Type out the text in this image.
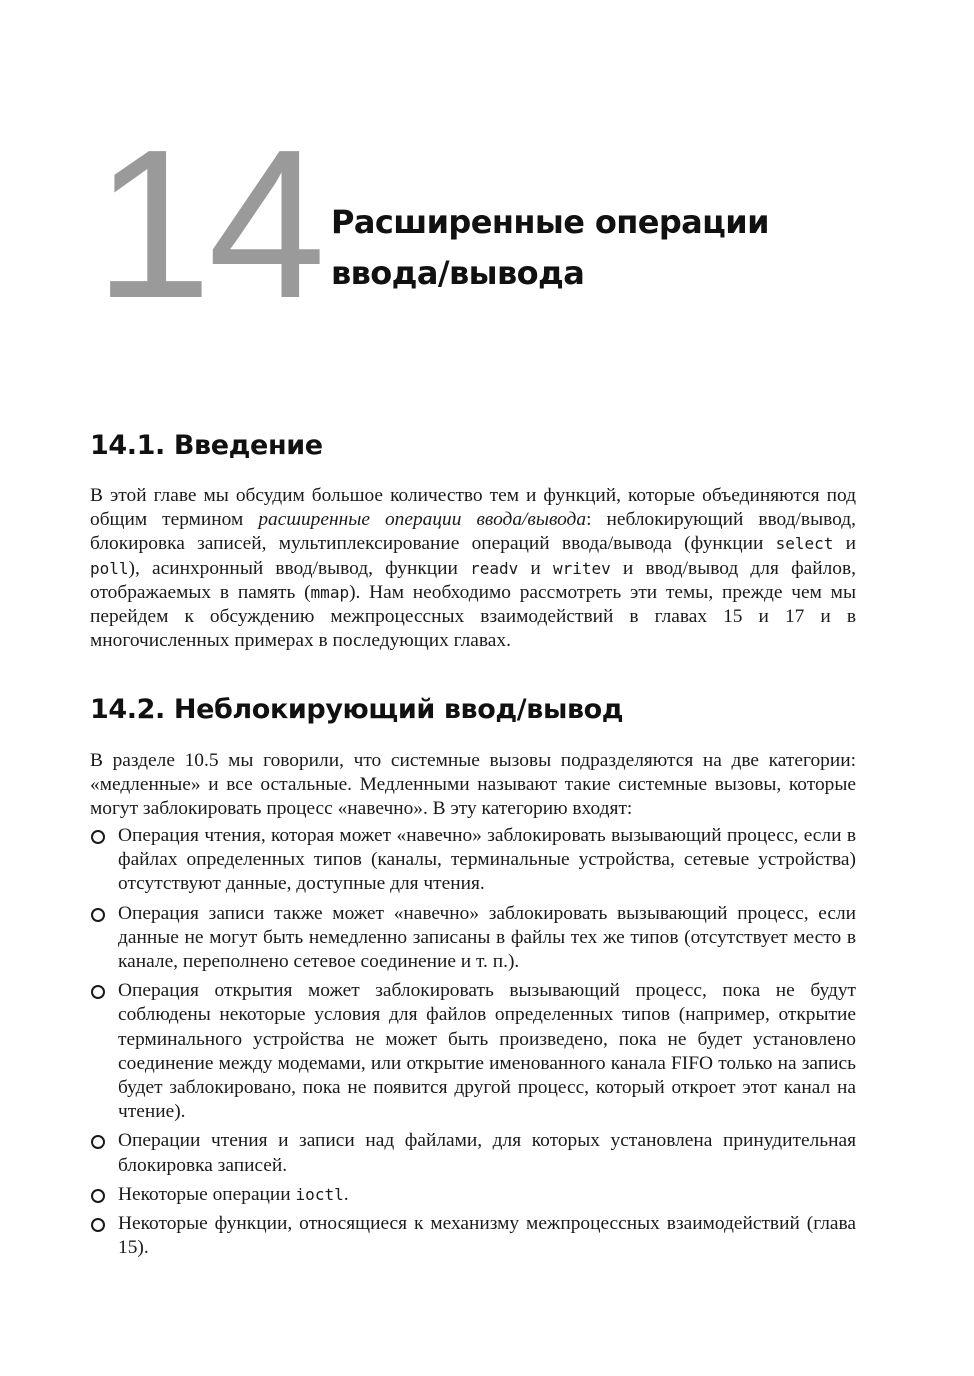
14 Расширенные операции ввода/вывода
14.1. Введение

В этой главе мы обсудим большое количество тем и функций, которые объединяются под общим термином расширенные операции ввода/вывода: неблокирующий ввод/вывод, блокировка записей, мультиплексирование операций ввода/вывода (функции select и poll), асинхронный ввод/вывод, функции readv и writev и ввод/вывод для файлов, отображаемых в память (mmap). Нам необходимо рассмотреть эти темы, прежде чем мы перейдем к обсуждению межпроцессных взаимодействий в главах 15 и 17 и в многочисленных примерах в последующих главах.

14.2. Неблокирующий ввод/вывод

В разделе 10.5 мы говорили, что системные вызовы подразделяются на две категории: «медленные» и все остальные. Медленными называют такие системные вызовы, которые могут заблокировать процесс «навечно». В эту категорию входят:

Операция чтения, которая может «навечно» заблокировать вызывающий процесс, если в файлах определенных типов (каналы, терминальные устройства, сетевые устройства) отсутствуют данные, доступные для чтения.
Операция записи также может «навечно» заблокировать вызывающий процесс, если данные не могут быть немедленно записаны в файлы тех же типов (отсутствует место в канале, переполнено сетевое соединение и т. п.).
Операция открытия может заблокировать вызывающий процесс, пока не будут соблюдены некоторые условия для файлов определенных типов (например, открытие терминального устройства не может быть произведено, пока не будет установлено соединение между модемами, или открытие именованного канала FIFO только на запись будет заблокировано, пока не появится другой процесс, который откроет этот канал на чтение).
Операции чтения и записи над файлами, для которых установлена принудительная блокировка записей.
Некоторые операции ioctl.
Некоторые функции, относящиеся к механизму межпроцессных взаимодействий (глава 15).
